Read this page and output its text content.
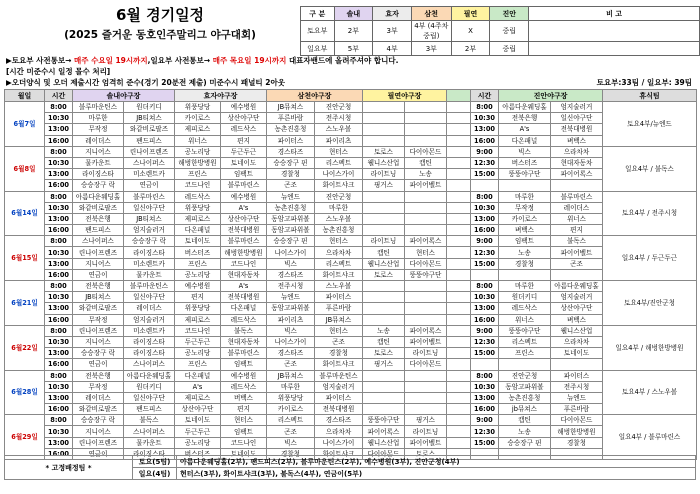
6월 경기일정
(2025 즐거운 동호인주말리그 야구대회)
구 분	솔내	효자	삼천	필연	진안	비 고
토요부	2부	3부	4부 (4주차 중립)	X	중립	
일요부	5부	4부	3부	2부	중립	
▶토요부 사전통보→ 매주 수요일 19시까지,일요부 사전통보→ 매주 목요일 19시까지 대표자밴드에 올려주셔야 합니다.
[시간 미준수시 일정 몰수 처리]
▶오더양식 및 오더 제출시간 엄격히 준수(경기 20분전 제출) 미준수시 패널티 2아웃	토요부:33팀 / 일요부: 39팀
월일	시간	솔내야구장		효자야구장		삼천야구장		필연야구장			시간	진안야구장		휴식팀
6월7일	8:00	블루마운틴스	원더키디	위풍당당	예수병원	JB뮤쳐스	진안군청				8:00	아름다운웨딩홀	엄지술러거	토요4부/뉴엔드
	10:30	마루한	JB티쳐스	카이로스	상산야구단	푸른바람	전주시청				10:30	전북은행	일신야구단	
	13:00	무작정	와같비로팔즈	제피로스	레드삭스	농촌진흥청	스노우볼				13:00	A's	전북대병원	
	16:00	레이더스	팬드피스	위너스	편지	파이터스	파이리츠				16:00	다온패널	벼백스	
6월8일	8:00	지니어스	린나이프렌즈	공노리당	두근두근	경스타즈	현터스	토로스	다이아몬드		9:00	빅스	으라차차	일요4부 / 불독스
	10:30	물카운트	스나이퍼스	해벙한방병원	토네이도	승승장구 핀	리스펙트	웰니스산업	캡틴		12:30	버스터즈	현대자동차	
	13:00	라이징스타	미소렌트카	프린스	임팩트	경찰청	나이스가이	라이트닝	노송		15:00	뚱뚱야구단	파이어록스	
	16:00	승승장구 락	연금이	코드나인	블루마린스	곤조	화이트샤크	핑거스	파이어벨트					
6월14일	8:00	아름다운웨딩홀	블루마린스	레드삭스	예수병원	뉴엔드	진안군청				8:00	마루한	블루마린스	토요4부 / 전주시청
	10:30	와같비로팔즈	일신야구단	위풍당당	A's	농촌진흥청	마루한				10:30	무작정	레이더스	
	13:00	전북은행	JB티쳐스	제피로스	상산야구단	동암고파위볼	스노우볼				13:00	카이로스	위너스	
	16:00	팬드피스	엄지술러거	다온패널	전북대병원	동암고파위볼	농촌진흥청				16:00	벼백스	편지	
6월15일	8:00	스나이퍼스	승승장구 락	토네이도	블루마린스	승승장구 핀	현터스	라이트닝	파이어록스		9:00	임팩트	불독스	일요4부 / 두근두근
	10:30	린나이프렌즈	라이징스타	버스터즈	해벙한방병원	나이스가이	으라차차	캡틴	현터스		12:30	노송	파이어벨트	
	13:00	지니어스	미소렌트카	프린스	코드나인	빅스	리스펙트	웰니스산업	다이아몬드		15:00	경찰청	곤조	
	16:00	연금이	물카운트	공노리당	현대자동차	경스타즈	화이트샤크	토로스	뚱뚱야구단					
6월21일	8:00	전북은행	블루마운틴스	예수병원	A's	전주시청	스노우볼				8:00	마루한	아름다운웨딩홀	토요4부/진안군청
	10:30	JB티쳐스	일신야구단	편지	전북대병원	뉴엔드	파이터스				10:30	원더키디	엄지술러거	
	13:00	와같비로팔즈	레이더스	위풍당당	다온패널	동암고파위볼	푸른바람				13:00	레드삭스	상산야구단	
	16:00	무작정	엄지술러거	제피로스	레드삭스	파이리츠	JB뮤쳐스				16:00	위너스	벼백스	
6월22일	8:00	린나이프렌즈	미소렌트카	코드나인	불독스	빅스	현터스	노송	파이어록스		9:00	뚱뚱야구단	웰니스산업	일요4부 / 해벙한방병원
	10:30	지니어스	라이징스타	두근두근	현대자동차	나이스가이	곤조	캡틴	파이어벨트		12:30	리스펙트	으라차차	
	13:00	승승장구 락	라이징스타	공노리당	블루마린스	경스타즈	경찰청	토로스	라이트닝		15:00	프린스	토네이도	
	16:00	연금이	스나이퍼스	프린스	임팩트	곤조	화이트샤크	핑거스	다이아몬드					
6월28일	8:00	전북은행	아름다운웨딩홀	다온패널	예수병원	JB뮤쳐스	블루마운틴스				8:00	진안군청	파이터스	토요4부 / 스노우볼
	10:30	무작정	원더키디	A's	레드삭스	마루한	엄지술러거				10:30	동암고파위볼	전주시청	
	13:00	레이더스	일신야구단	제피로스	버백스	위풍당당	파이터스				13:00	농촌진흥청	뉴엔드	
	16:00	와같비로팔즈	팬드피스	상산야구단	편지	카이로스	전북대병원				16:00	jb뮤쳐스	푸른바람	
6월29일	8:00	승승장구 락	불독스	토네이도	현터스	리스펙트	경스타즈	뚱뚱야구단	핑거스		9:00	캡틴	다이아몬드	일요4부 / 블루마린스
	10:30	지니어스	스나이퍼스	두근두근	임팩트	곤조	으라차차	파이어록스	라이트닝		12:30	노송	해벙한방병원	
	13:00	린나이프렌즈	물카운트	공노리당	코드나인	빅스	나이스가이	웰니스산업	파이어벨트		15:00	승승장구 핀	경찰청	
	16:00	연금이	라이징스타	버스터즈	토네이도	경찰청	화이트샤크	다이아몬드	토로스					
* 고정배정팀 *	토요(5팀)	아름다운웨딩홀(2부), 팬드피스(2부), 블루마운틴스(2부), 예수병원(3부), 진안군청(4부)
	일요(4팀)	현터스(3부), 화이트샤크(3부), 불독스(4부), 연금이(5부)
